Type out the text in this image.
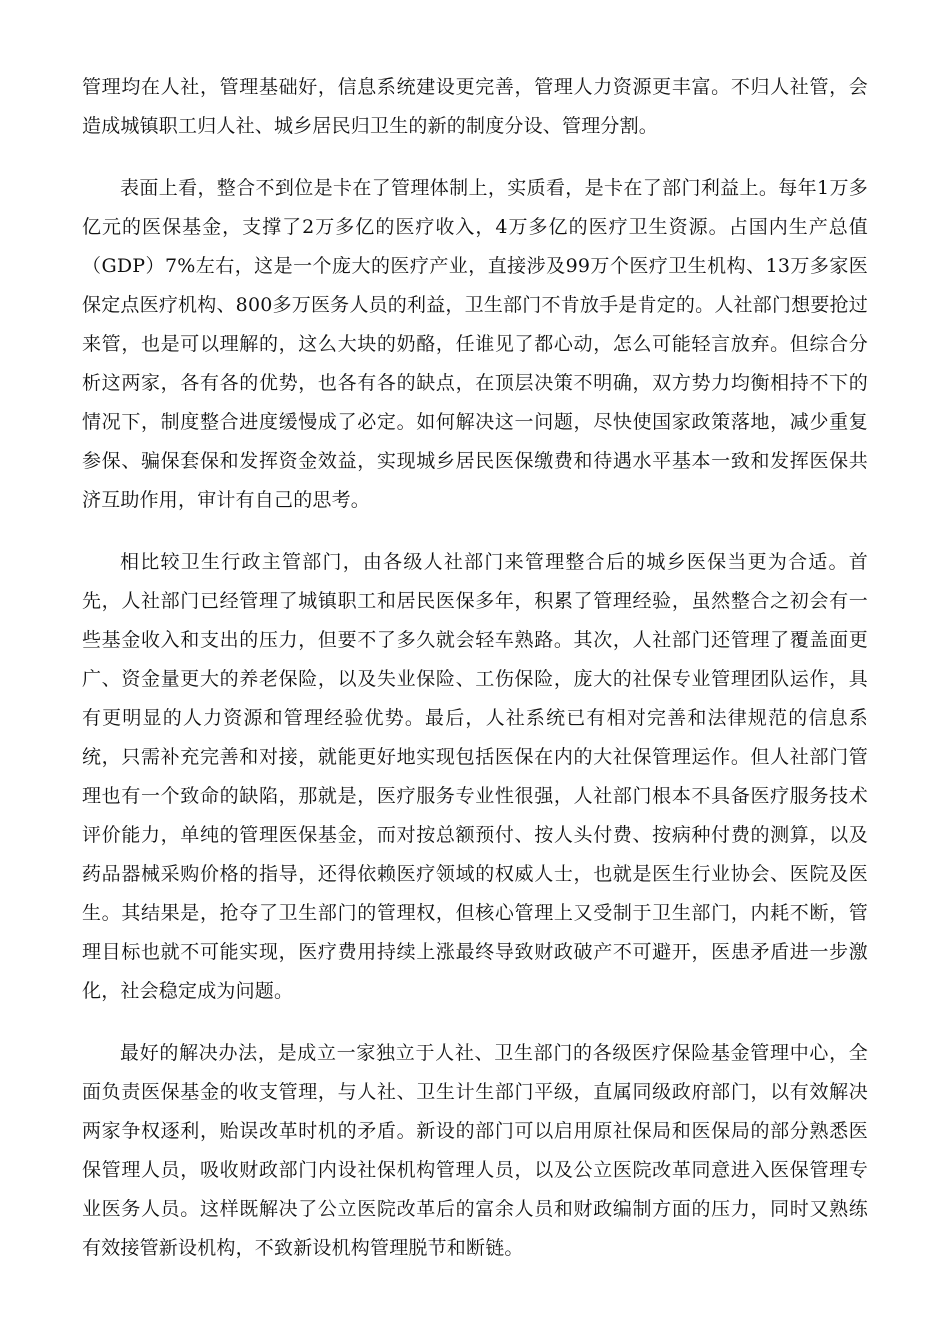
管理均在人社，管理基础好，信息系统建设更完善，管理人力资源更丰富。不归人社管，会造成城镇职工归人社、城乡居民归卫生的新的制度分设、管理分割。

表面上看，整合不到位是卡在了管理体制上，实质看，是卡在了部门利益上。每年1万多亿元的医保基金，支撑了2万多亿的医疗收入，4万多亿的医疗卫生资源。占国内生产总值（GDP）7%左右，这是一个庞大的医疗产业，直接涉及99万个医疗卫生机构、13万多家医保定点医疗机构、800多万医务人员的利益，卫生部门不肯放手是肯定的。人社部门想要抢过来管，也是可以理解的，这么大块的奶酪，任谁见了都心动，怎么可能轻言放弃。但综合分析这两家，各有各的优势，也各有各的缺点，在顶层决策不明确，双方势力均衡相持不下的情况下，制度整合进度缓慢成了必定。如何解决这一问题，尽快使国家政策落地，减少重复参保、骗保套保和发挥资金效益，实现城乡居民医保缴费和待遇水平基本一致和发挥医保共济互助作用，审计有自己的思考。

相比较卫生行政主管部门，由各级人社部门来管理整合后的城乡医保当更为合适。首先，人社部门已经管理了城镇职工和居民医保多年，积累了管理经验，虽然整合之初会有一些基金收入和支出的压力，但要不了多久就会轻车熟路。其次，人社部门还管理了覆盖面更广、资金量更大的养老保险，以及失业保险、工伤保险，庞大的社保专业管理团队运作，具有更明显的人力资源和管理经验优势。最后，人社系统已有相对完善和法律规范的信息系统，只需补充完善和对接，就能更好地实现包括医保在内的大社保管理运作。但人社部门管理也有一个致命的缺陷，那就是，医疗服务专业性很强，人社部门根本不具备医疗服务技术评价能力，单纯的管理医保基金，而对按总额预付、按人头付费、按病种付费的测算，以及药品器械采购价格的指导，还得依赖医疗领域的权威人士，也就是医生行业协会、医院及医生。其结果是，抢夺了卫生部门的管理权，但核心管理上又受制于卫生部门，内耗不断，管理目标也就不可能实现，医疗费用持续上涨最终导致财政破产不可避开，医患矛盾进一步激化，社会稳定成为问题。

最好的解决办法，是成立一家独立于人社、卫生部门的各级医疗保险基金管理中心，全面负责医保基金的收支管理，与人社、卫生计生部门平级，直属同级政府部门，以有效解决两家争权逐利，贻误改革时机的矛盾。新设的部门可以启用原社保局和医保局的部分熟悉医保管理人员，吸收财政部门内设社保机构管理人员，以及公立医院改革同意进入医保管理专业医务人员。这样既解决了公立医院改革后的富余人员和财政编制方面的压力，同时又熟练有效接管新设机构，不致新设机构管理脱节和断链。
